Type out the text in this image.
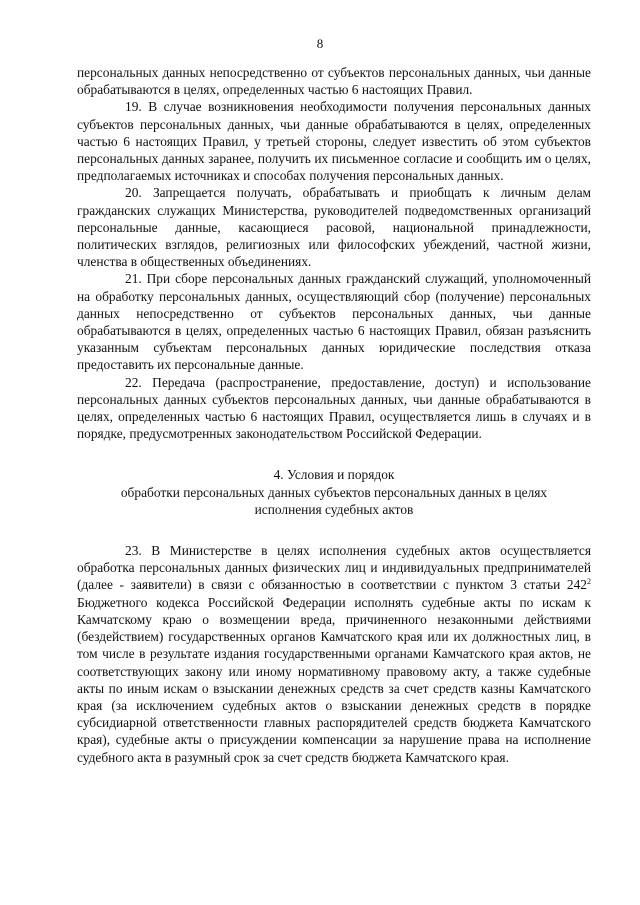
8

персональных данных непосредственно от субъектов персональных данных, чьи данные обрабатываются в целях, определенных частью 6 настоящих Правил.

19. В случае возникновения необходимости получения персональных данных субъектов персональных данных, чьи данные обрабатываются в целях, определенных частью 6 настоящих Правил, у третьей стороны, следует известить об этом субъектов персональных данных заранее, получить их письменное согласие и сообщить им о целях, предполагаемых источниках и способах получения персональных данных.

20. Запрещается получать, обрабатывать и приобщать к личным делам гражданских служащих Министерства, руководителей подведомственных организаций персональные данные, касающиеся расовой, национальной принадлежности, политических взглядов, религиозных или философских убеждений, частной жизни, членства в общественных объединениях.

21. При сборе персональных данных гражданский служащий, уполномоченный на обработку персональных данных, осуществляющий сбор (получение) персональных данных непосредственно от субъектов персональных данных, чьи данные обрабатываются в целях, определенных частью 6 настоящих Правил, обязан разъяснить указанным субъектам персональных данных юридические последствия отказа предоставить их персональные данные.

22. Передача (распространение, предоставление, доступ) и использование персональных данных субъектов персональных данных, чьи данные обрабатываются в целях, определенных частью 6 настоящих Правил, осуществляется лишь в случаях и в порядке, предусмотренных законодательством Российской Федерации.

4. Условия и порядок
обработки персональных данных субъектов персональных данных в целях
исполнения судебных актов

23. В Министерстве в целях исполнения судебных актов осуществляется обработка персональных данных физических лиц и индивидуальных предпринимателей (далее - заявители) в связи с обязанностью в соответствии с пунктом 3 статьи $242^2$ Бюджетного кодекса Российской Федерации исполнять судебные акты по искам к Камчатскому краю о возмещении вреда, причиненного незаконными действиями (бездействием) государственных органов Камчатского края или их должностных лиц, в том числе в результате издания государственными органами Камчатского края актов, не соответствующих закону или иному нормативному правовому акту, а также судебные акты по иным искам о взыскании денежных средств за счет средств казны Камчатского края (за исключением судебных актов о взыскании денежных средств в порядке субсидиарной ответственности главных распорядителей средств бюджета Камчатского края), судебные акты о присуждении компенсации за нарушение права на исполнение судебного акта в разумный срок за счет средств бюджета Камчатского края.
